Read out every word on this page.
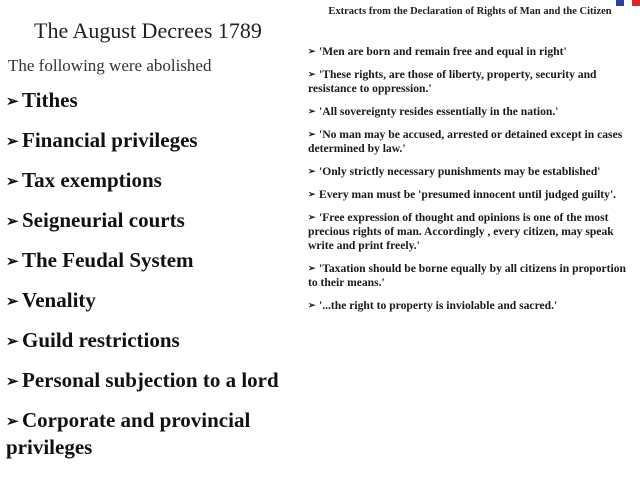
The August Decrees 1789
The following were abolished
➢ Tithes
➢ Financial privileges
➢ Tax exemptions
➢ Seigneurial courts
➢ The Feudal System
➢ Venality
➢ Guild restrictions
➢ Personal subjection to a lord
➢ Corporate and provincial privileges
Extracts from the Declaration of Rights of Man and the Citizen
➢ 'Men are born and remain free and equal in right'
➢ 'These rights, are those of liberty, property, security and resistance to oppression.'
➢ 'All sovereignty resides essentially in the nation.'
➢ 'No man may be accused, arrested or detained except in cases determined by law.'
➢ 'Only strictly necessary punishments may be established'
➢ Every man must be 'presumed innocent until judged guilty'.
➢ 'Free expression of thought and opinions is one of the most precious rights of man. Accordingly , every citizen, may speak write and print freely.'
➢ 'Taxation should be borne equally by all citizens in proportion to their means.'
➢ '...the right to property is inviolable and sacred.'
